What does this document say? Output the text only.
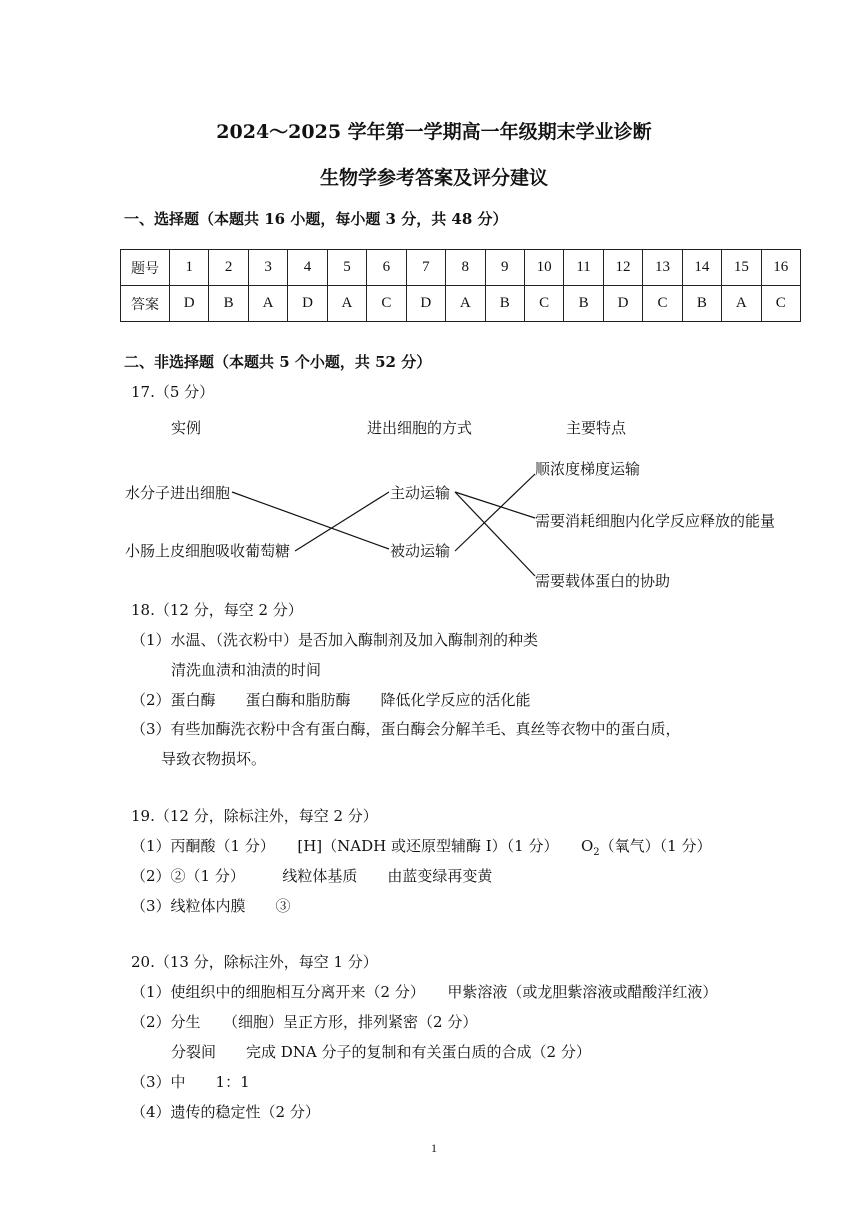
2024～2025 学年第一学期高一年级期末学业诊断
生物学参考答案及评分建议
一、选择题（本题共 16 小题，每小题 3 分，共 48 分）
题号	1	2	3	4	5	6	7	8	9	10	11	12	13	14	15	16
答案	D	B	A	D	A	C	D	A	B	C	B	D	C	B	A	C
二、非选择题（本题共 5 个小题，共 52 分）
17.（5 分）
实例	进出细胞的方式	主要特点
水分子进出细胞
小肠上皮细胞吸收葡萄糖
主动运输
被动运输
顺浓度梯度运输
需要消耗细胞内化学反应释放的能量
需要载体蛋白的协助
18.（12 分，每空 2 分）
（1）水温、（洗衣粉中）是否加入酶制剂及加入酶制剂的种类
清洗血渍和油渍的时间
（2）蛋白酶　　蛋白酶和脂肪酶　　降低化学反应的活化能
（3）有些加酶洗衣粉中含有蛋白酶，蛋白酶会分解羊毛、真丝等衣物中的蛋白质，
导致衣物损坏。
19.（12 分，除标注外，每空 2 分）
（1）丙酮酸（1 分）　　[H]（NADH 或还原型辅酶 I）（1 分）　　$O_2$（氧气）（1 分）
（2）②（1 分）　　　线粒体基质　　由蓝变绿再变黄
（3）线粒体内膜　　③
20.（13 分，除标注外，每空 1 分）
（1）使组织中的细胞相互分离开来（2 分）　　甲紫溶液（或龙胆紫溶液或醋酸洋红液）
（2）分生　　（细胞）呈正方形，排列紧密（2 分）
分裂间　　完成 DNA 分子的复制和有关蛋白质的合成（2 分）
（3）中　　1：1
（4）遗传的稳定性（2 分）
1
